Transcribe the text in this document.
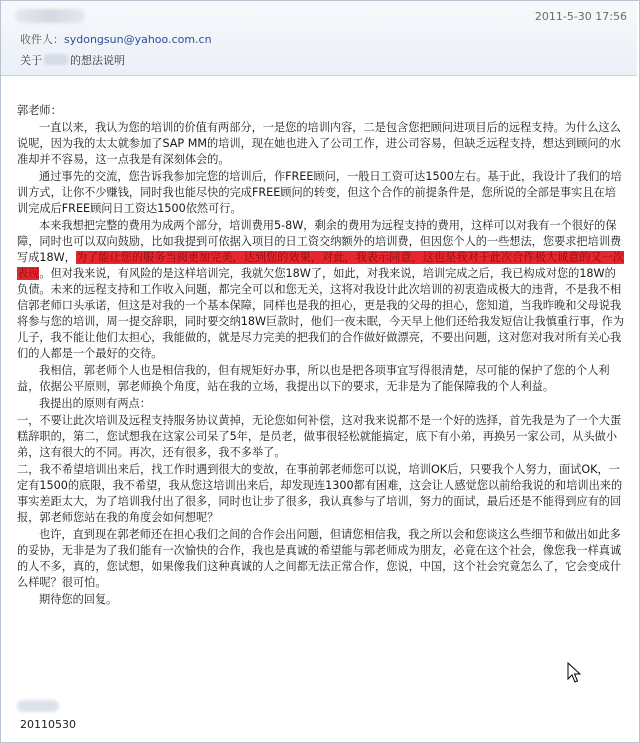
2011-5-30 17:56
收件人：sydongsun@yahoo.com.cn
关于	的想法说明

郭老师：

一直以来，我认为您的培训的价值有两部分，一是您的培训内容，二是包含您把顾问进项目后的远程支持。为什么这么说呢，因为我的太太就参加了SAP MM的培训，现在她也进入了公司工作，进公司容易，但缺乏远程支持，想达到顾问的水准却并不容易，这一点我是有深刻体会的。

通过事先的交流，您告诉我参加完您的培训后，作FREE顾问，一般日工资可达1500左右。基于此，我设计了我们的培训方式，让你不少赚钱，同时我也能尽快的完成FREE顾问的转变，但这个合作的前提条件是，您所说的全部是事实且在培训完成后FREE顾问日工资达1500依然可行。

本来我想把完整的费用为成两个部分，培训费用5-8W，剩余的费用为远程支持的费用，这样可以对我有一个很好的保障，同时也可以双向鼓励，比如我提到可依据入项目的日工资交纳额外的培训费，但因您个人的一些想法，您要求把培训费写成18W，为了能让您的服务当阀更加完美，达到您的效果，对此，我表示同意，这也是我对于此次合作极大诚意的又一次表现。但对我来说，有风险的是这样培训完，我就欠您18W了，如此，对我来说，培训完成之后，我已构成对您的18W的负债。未来的远程支持和工作收入问题，都完全可以和您无关，这将对我设计此次培训的初衷造成极大的违背，不是我不相信郭老师口头承诺，但这是对我的一个基本保障，同样也是我的担心，更是我的父母的担心，您知道，当我昨晚和父母说我将参与您的培训，周一提交辞职，同时要交纳18W巨款时，他们一夜未眠，今天早上他们还给我发短信让我慎重行事，作为儿子，我不能让他们太担心，我能做的，就是尽力完美的把我们的合作做好做漂亮，不要出问题，这对您对我对所有关心我们的人都是一个最好的交待。

我相信，郭老师个人也是相信我的，但有规矩好办事，所以也是把各项事宜写得很清楚，尽可能的保护了您的个人利益，依据公平原则，郭老师换个角度，站在我的立场，我提出以下的要求，无非是为了能保障我的个人利益。

我提出的原则有两点：

一，不要让此次培训及远程支持服务协议黄掉，无论您如何补偿，这对我来说都不是一个好的选择，首先我是为了一个大蛋糕辞职的，第二，您试想我在这家公司呆了5年，是员老，做事很轻松就能搞定，底下有小弟，再换另一家公司，从头做小弟，这有很大的不同。再次，还有很多，我不多举了。

二，我不希望培训出来后，找工作时遇到很大的变故，在事前郭老师您可以说，培训OK后，只要我个人努力，面试OK，一定有1500的底限，我不希望，我从您这培训出来后，却发现连1300都有困难，这会让人感觉您以前给我说的和培训出来的事实差距太大，为了培训我付出了很多，同时也让步了很多，我认真参与了培训，努力的面试，最后还是不能得到应有的回报，郭老师您站在我的角度会如何想呢？

也许，直到现在郭老师还在担心我们之间的合作会出问题，但请您相信我，我之所以会和您谈这么些细节和做出如此多的妥协，无非是为了我们能有一次愉快的合作，我也是真诚的希望能与郭老师成为朋友，必竟在这个社会，像您我一样真诚的人不多，真的，您试想，如果像我们这种真诚的人之间都无法正常合作，您说，中国，这个社会究竟怎么了，它会变成什么样呢？很可怕。

期待您的回复。

20110530
